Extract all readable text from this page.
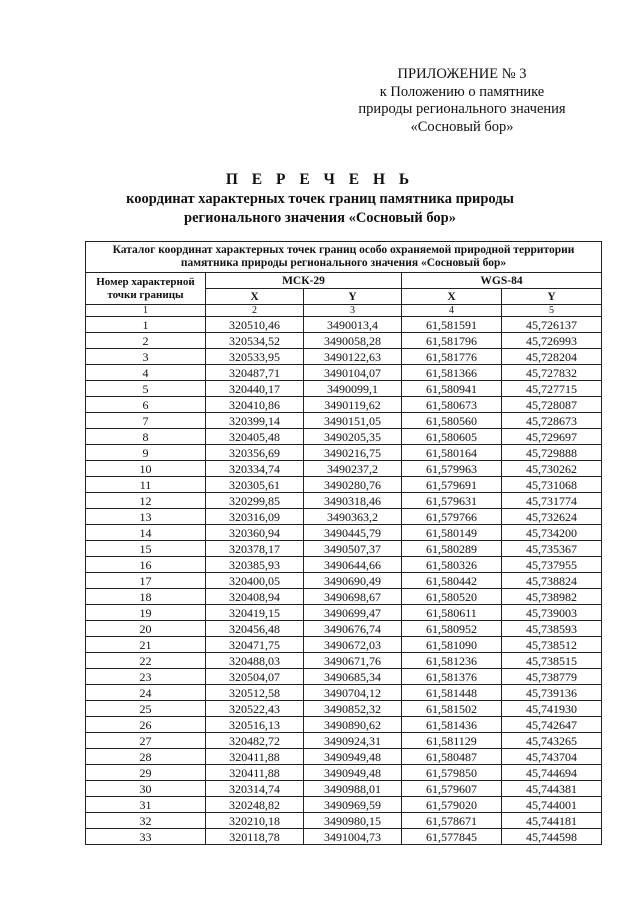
ПРИЛОЖЕНИЕ № 3
к Положению о памятнике
природы регионального значения
«Сосновый бор»
П Е Р Е Ч Е Н Ь
координат характерных точек границ памятника природы
регионального значения «Сосновый бор»
Каталог координат характерных точек границ особо охраняемой природной территории памятника природы регионального значения «Сосновый бор»				
Номер характерной точки границы	МСК-29		WGS-84	
	X	Y	X	Y
1	2	3	4	5
1	320510,46	3490013,4	61,581591	45,726137
2	320534,52	3490058,28	61,581796	45,726993
3	320533,95	3490122,63	61,581776	45,728204
4	320487,71	3490104,07	61,581366	45,727832
5	320440,17	3490099,1	61,580941	45,727715
6	320410,86	3490119,62	61,580673	45,728087
7	320399,14	3490151,05	61,580560	45,728673
8	320405,48	3490205,35	61,580605	45,729697
9	320356,69	3490216,75	61,580164	45,729888
10	320334,74	3490237,2	61,579963	45,730262
11	320305,61	3490280,76	61,579691	45,731068
12	320299,85	3490318,46	61,579631	45,731774
13	320316,09	3490363,2	61,579766	45,732624
14	320360,94	3490445,79	61,580149	45,734200
15	320378,17	3490507,37	61,580289	45,735367
16	320385,93	3490644,66	61,580326	45,737955
17	320400,05	3490690,49	61,580442	45,738824
18	320408,94	3490698,67	61,580520	45,738982
19	320419,15	3490699,47	61,580611	45,739003
20	320456,48	3490676,74	61,580952	45,738593
21	320471,75	3490672,03	61,581090	45,738512
22	320488,03	3490671,76	61,581236	45,738515
23	320504,07	3490685,34	61,581376	45,738779
24	320512,58	3490704,12	61,581448	45,739136
25	320522,43	3490852,32	61,581502	45,741930
26	320516,13	3490890,62	61,581436	45,742647
27	320482,72	3490924,31	61,581129	45,743265
28	320411,88	3490949,48	61,580487	45,743704
29	320411,88	3490949,48	61,579850	45,744694
30	320314,74	3490988,01	61,579607	45,744381
31	320248,82	3490969,59	61,579020	45,744001
32	320210,18	3490980,15	61,578671	45,744181
33	320118,78	3491004,73	61,577845	45,744598
